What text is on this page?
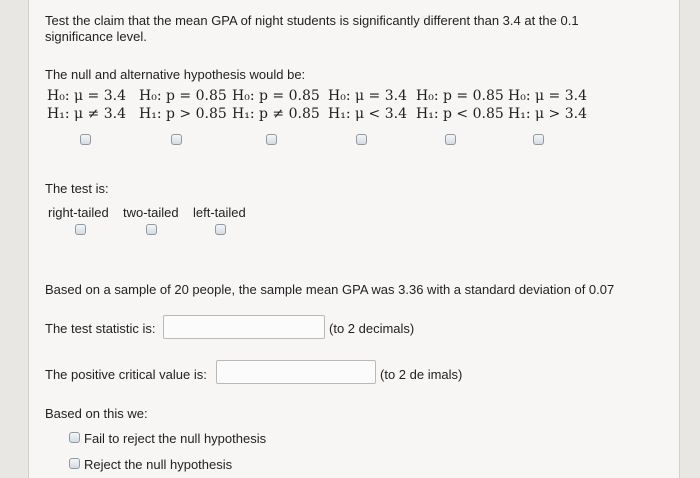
Test the claim that the mean GPA of night students is significantly different than 3.4 at the 0.1
significance level.
The null and alternative hypothesis would be:
H₀: μ = 3.4
H₁: μ ≠ 3.4
H₀: p = 0.85
H₁: p > 0.85
H₀: p = 0.85
H₁: p ≠ 0.85
H₀: μ = 3.4
H₁: μ < 3.4
H₀: p = 0.85
H₁: p < 0.85
H₀: μ = 3.4
H₁: μ > 3.4
The test is:
right-tailed two-tailed left-tailed
Based on a sample of 20 people, the sample mean GPA was 3.36 with a standard deviation of 0.07
The test statistic is:	(to 2 decimals)
The positive critical value is:	(to 2 de imals)
Based on this we:
Fail to reject the null hypothesis
Reject the null hypothesis
